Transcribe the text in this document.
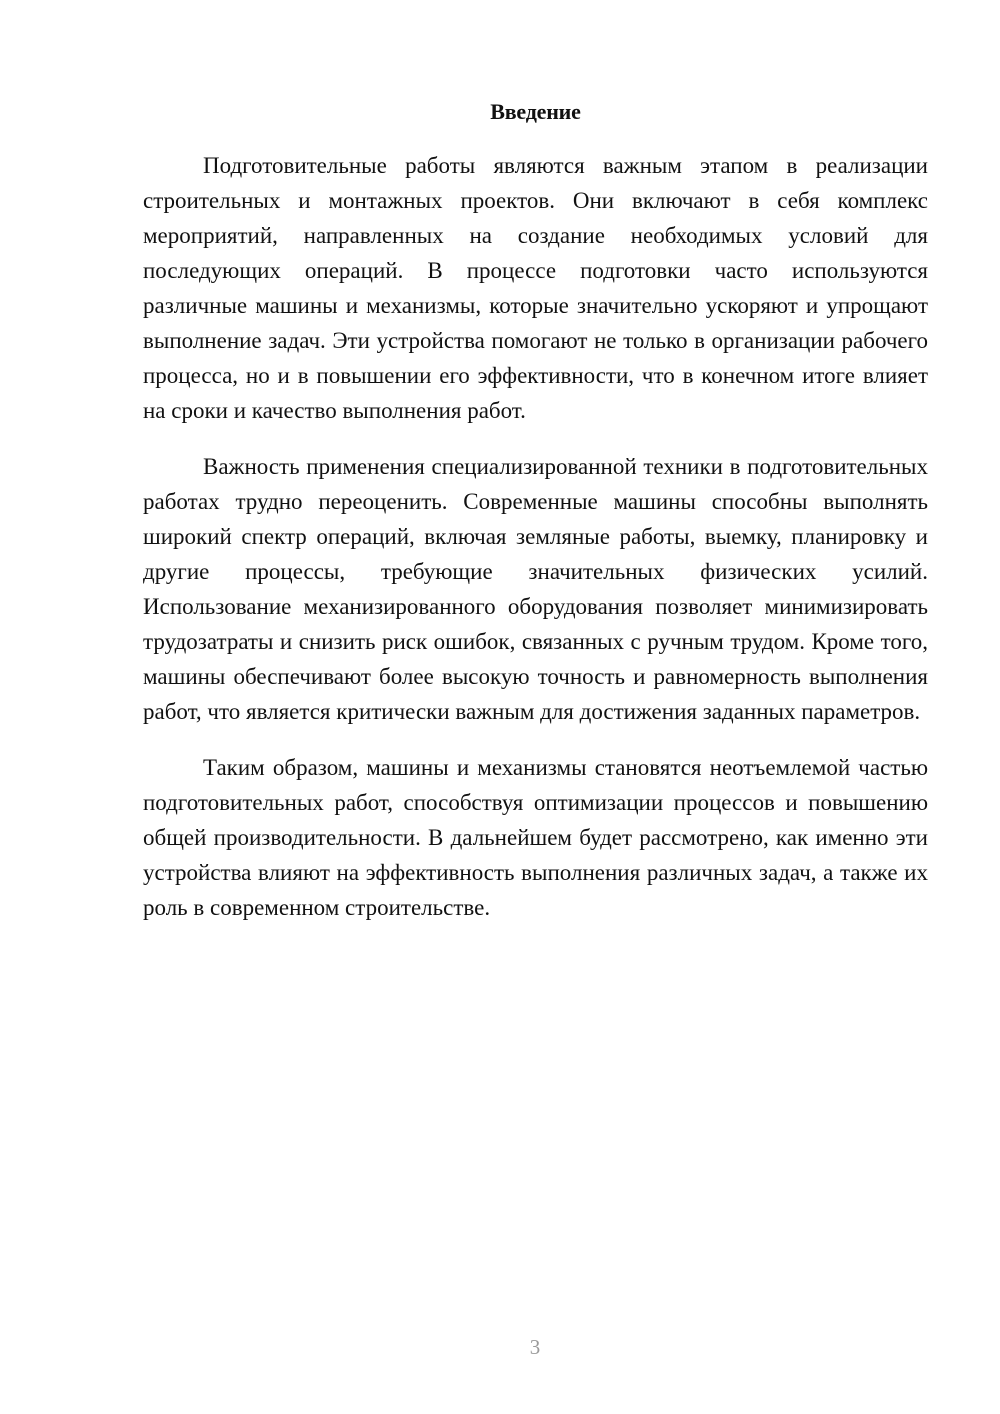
Введение

Подготовительные работы являются важным этапом в реализации строительных и монтажных проектов. Они включают в себя комплекс мероприятий, направленных на создание необходимых условий для последующих операций. В процессе подготовки часто используются различные машины и механизмы, которые значительно ускоряют и упрощают выполнение задач. Эти устройства помогают не только в организации рабочего процесса, но и в повышении его эффективности, что в конечном итоге влияет на сроки и качество выполнения работ.

Важность применения специализированной техники в подготовительных работах трудно переоценить. Современные машины способны выполнять широкий спектр операций, включая земляные работы, выемку, планировку и другие процессы, требующие значительных физических усилий. Использование механизированного оборудования позволяет минимизировать трудозатраты и снизить риск ошибок, связанных с ручным трудом. Кроме того, машины обеспечивают более высокую точность и равномерность выполнения работ, что является критически важным для достижения заданных параметров.

Таким образом, машины и механизмы становятся неотъемлемой частью подготовительных работ, способствуя оптимизации процессов и повышению общей производительности. В дальнейшем будет рассмотрено, как именно эти устройства влияют на эффективность выполнения различных задач, а также их роль в современном строительстве.

3
